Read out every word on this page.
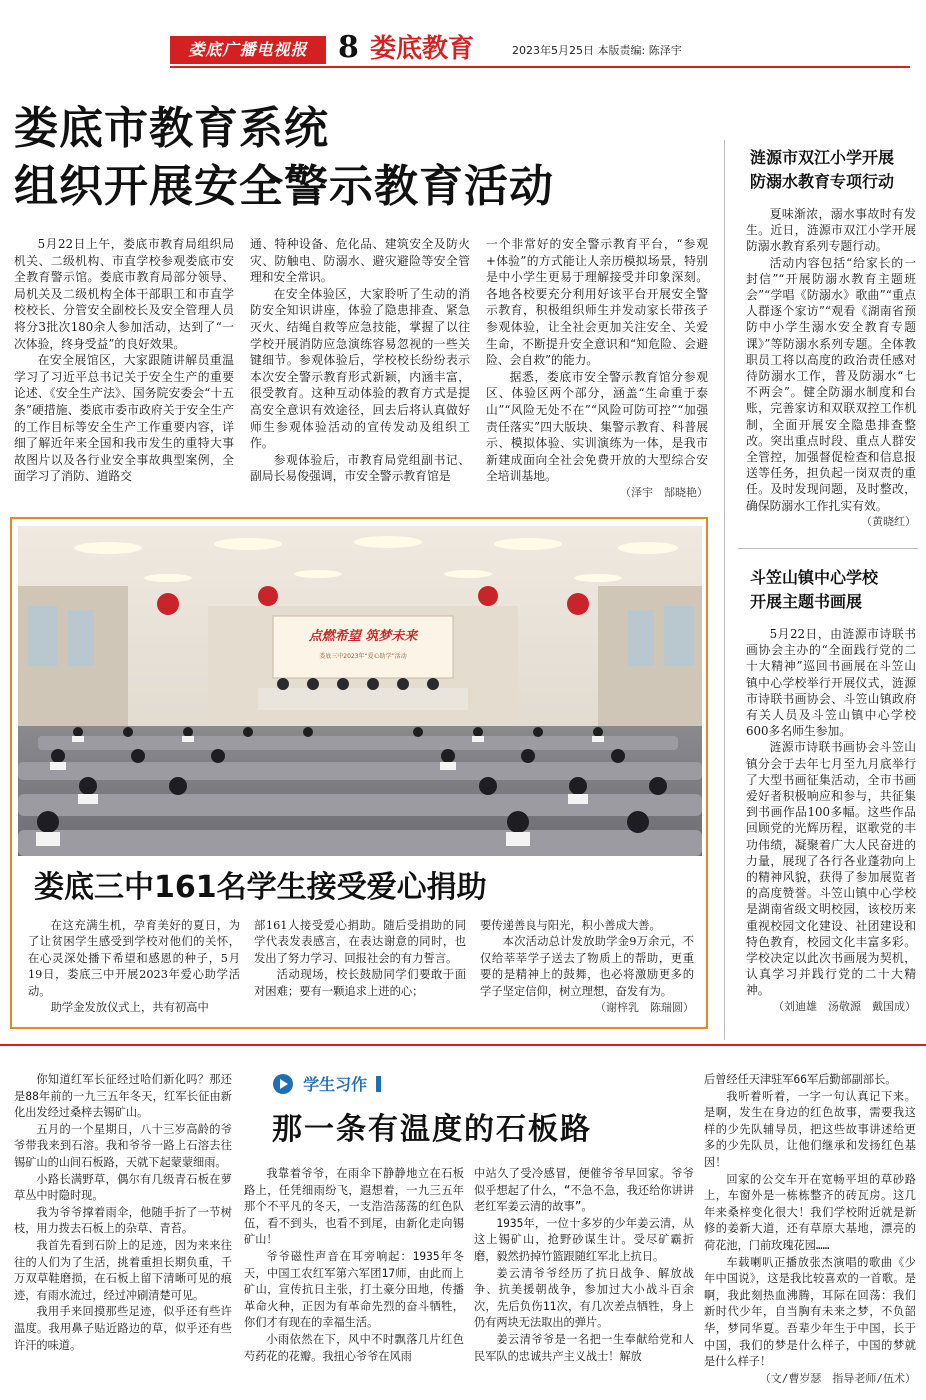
娄底广播电视报	8 娄底教育	2023年5月25日 本版责编: 陈泽宇
娄底市教育系统
组织开展安全警示教育活动

5月22日上午，娄底市教育局组织局机关、二级机构、市直学校参观娄底市安全教育警示馆。娄底市教育局部分领导、局机关及二级机构全体干部职工和市直学校校长、分管安全副校长及安全管理人员将分3批次180余人参加活动，达到了“一次体验，终身受益”的良好效果。

在安全展馆区，大家跟随讲解员重温学习了习近平总书记关于安全生产的重要论述、《安全生产法》、国务院安委会“十五条”硬措施、娄底市委市政府关于安全生产的工作目标等安全生产工作重要内容，详细了解近年来全国和我市发生的重特大事故图片以及各行业安全事故典型案例，全面学习了消防、道路交

通、特种设备、危化品、建筑安全及防火灾、防触电、防溺水、避灾避险等安全管理和安全常识。

在安全体验区，大家聆听了生动的消防安全知识讲座，体验了隐患排查、紧急灭火、结绳自救等应急技能，掌握了以往学校开展消防应急演练容易忽视的一些关键细节。参观体验后，学校校长纷纷表示本次安全警示教育形式新颖，内涵丰富，很受教育。这种互动体验的教育方式是提高安全意识有效途径，回去后将认真做好师生参观体验活动的宣传发动及组织工作。

参观体验后，市教育局党组副书记、副局长易俊强调，市安全警示教育馆是

一个非常好的安全警示教育平台，“参观+体验”的方式能让人亲历模拟场景，特别是中小学生更易于理解接受并印象深刻。各地各校要充分利用好该平台开展安全警示教育，积极组织师生并发动家长带孩子参观体验，让全社会更加关注安全、关爱生命，不断提升安全意识和“知危险、会避险、会自救”的能力。

据悉，娄底市安全警示教育馆分参观区、体验区两个部分，涵盖“生命重于泰山”“风险无处不在”“风险可防可控”“加强责任落实”四大版块、集警示教育、科普展示、模拟体验、实训演练为一体，是我市新建成面向全社会免费开放的大型综合安全培训基地。

（泽宇　郜晓艳）
涟源市双江小学开展
防溺水教育专项行动

夏味渐浓，溺水事故时有发生。近日，涟源市双江小学开展防溺水教育系列专题行动。

活动内容包括“给家长的一封信”“开展防溺水教育主题班会”“学唱《防溺水》歌曲”“重点人群逐个家访”“观看《湖南省预防中小学生溺水安全教育专题课》”等防溺水系列专题。全体教职员工将以高度的政治责任感对待防溺水工作，普及防溺水“七不两会”。健全防溺水制度和台账，完善家访和双联双控工作机制，全面开展安全隐患排查整改。突出重点时段、重点人群安全管控，加强督促检查和信息报送等任务，担负起一岗双责的重任。及时发现问题，及时整改，确保防溺水工作扎实有效。

（黄晓红）
斗笠山镇中心学校
开展主题书画展

5月22日，由涟源市诗联书画协会主办的“全面践行党的二十大精神”巡回书画展在斗笠山镇中心学校举行开展仪式，涟源市诗联书画协会、斗笠山镇政府有关人员及斗笠山镇中心学校600多名师生参加。

涟源市诗联书画协会斗笠山镇分会于去年七月至九月底举行了大型书画征集活动，全市书画爱好者积极响应和参与，共征集到书画作品100多幅。这些作品回顾党的光辉历程，讴歌党的丰功伟绩，凝聚着广大人民奋进的力量，展现了各行各业蓬勃向上的精神风貌，获得了参加展览者的高度赞誉。斗笠山镇中心学校是湖南省级文明校园，该校历来重视校园文化建设、社团建设和特色教育，校园文化丰富多彩。学校决定以此次书画展为契机，认真学习并践行党的二十大精神。

（刘迪雄　汤敬源　戴国成）
点燃希望 筑梦未来
娄底三中2023年“爱心助学”活动
娄底三中161名学生接受爱心捐助

在这充满生机，孕育美好的夏日，为了让贫困学生感受到学校对他们的关怀，在心灵深处播下希望和感恩的种子，5月19日，娄底三中开展2023年爱心助学活动。

助学金发放仪式上，共有初高中

部161人接受爱心捐助。随后受捐助的同学代表发表感言，在表达谢意的同时，也发出了努力学习、回报社会的有力誓言。

活动现场，校长鼓励同学们要敢于面对困难；要有一颗追求上进的心；

要传递善良与阳光，积小善成大善。

本次活动总计发放助学金9万余元，不仅给莘莘学子送去了物质上的帮助，更重要的是精神上的鼓舞，也必将激励更多的学子坚定信仰，树立理想，奋发有为。

（谢梓乳　陈瑞圆）
学生习作
那一条有温度的石板路

你知道红军长征经过哈们新化吗？那还是88年前的一九三五年冬天，红军长征由新化出发经过桑梓去锡矿山。

五月的一个星期日，八十三岁高龄的爷爷带我来到石溶。我和爷爷一路上石溶去往锡矿山的山间石板路，天就下起蒙蒙细雨。

小路长满野草，偶尔有几级青石板在萝草丛中时隐时现。

我为爷爷撑着雨伞，他随手折了一节树枝，用力拨去石板上的杂草、青苔。

我首先看到石阶上的足迹，因为来来往往的人们为了生活，挑着重担长期负重，千万双草鞋磨损，在石板上留下清晰可见的痕迹，有雨水流过，经过冲刷清楚可见。

我用手来回摸那些足迹，似乎还有些许温度。我用鼻子贴近路边的草，似乎还有些许汗的味道。

我靠着爷爷，在雨伞下静静地立在石板路上，任凭细雨纷飞，遐想着，一九三五年那个不平凡的冬天，一支浩浩荡荡的红色队伍，看不到头，也看不到尾，由新化走向锡矿山！

爷爷磁性声音在耳旁响起：1935年冬天，中国工农红军第六军团17师，由此而上矿山，宣传抗日主张，打土豪分田地，传播革命火种，正因为有革命先烈的奋斗牺牲，你们才有现在的幸福生活。

小雨依然在下，风中不时飘落几片红色芍药花的花瓣。我扭心爷爷在风雨

中站久了受冷感冒，便催爷爷早回家。爷爷似乎想起了什么，“不急不急，我还给你讲讲老红军姜云清的故事”。

1935年，一位十多岁的少年姜云清，从这上锡矿山，抢野砂谋生计。受尽矿霸折磨，毅然扔掉竹篮跟随红军北上抗日。

姜云清爷爷经历了抗日战争、解放战争、抗美援朝战争，参加过大小战斗百余次，先后负伤11次，有几次差点牺牲，身上仍有两块无法取出的弹片。

姜云清爷爷是一名把一生奉献给党和人民军队的忠诚共产主义战士！解放

后曾经任天津驻军66军后勤部副部长。

我听着听着，一字一句认真记下来。是啊，发生在身边的红色故事，需要我这样的少先队辅导员，把这些故事讲述给更多的少先队员，让他们继承和发扬红色基因！

回家的公交车开在宽畅平坦的草砂路上，车窗外是一栋栋整齐的砖瓦房。这几年来桑梓变化很大！我们学校附近就是新修的姜新大道，还有草原大基地，漂亮的荷花池，门前玫瑰花园……

车载喇叭正播放张杰演唱的歌曲《少年中国说》，这是我比较喜欢的一首歌。是啊，我此刻热血沸腾，耳际在回荡：我们新时代少年，自当胸有未来之梦，不负韶华，梦同华夏。吾辈少年生于中国，长于中国，我们的梦是什么样子，中国的梦就是什么样子！

（文/曹岁瑟　指导老师/伍术）
